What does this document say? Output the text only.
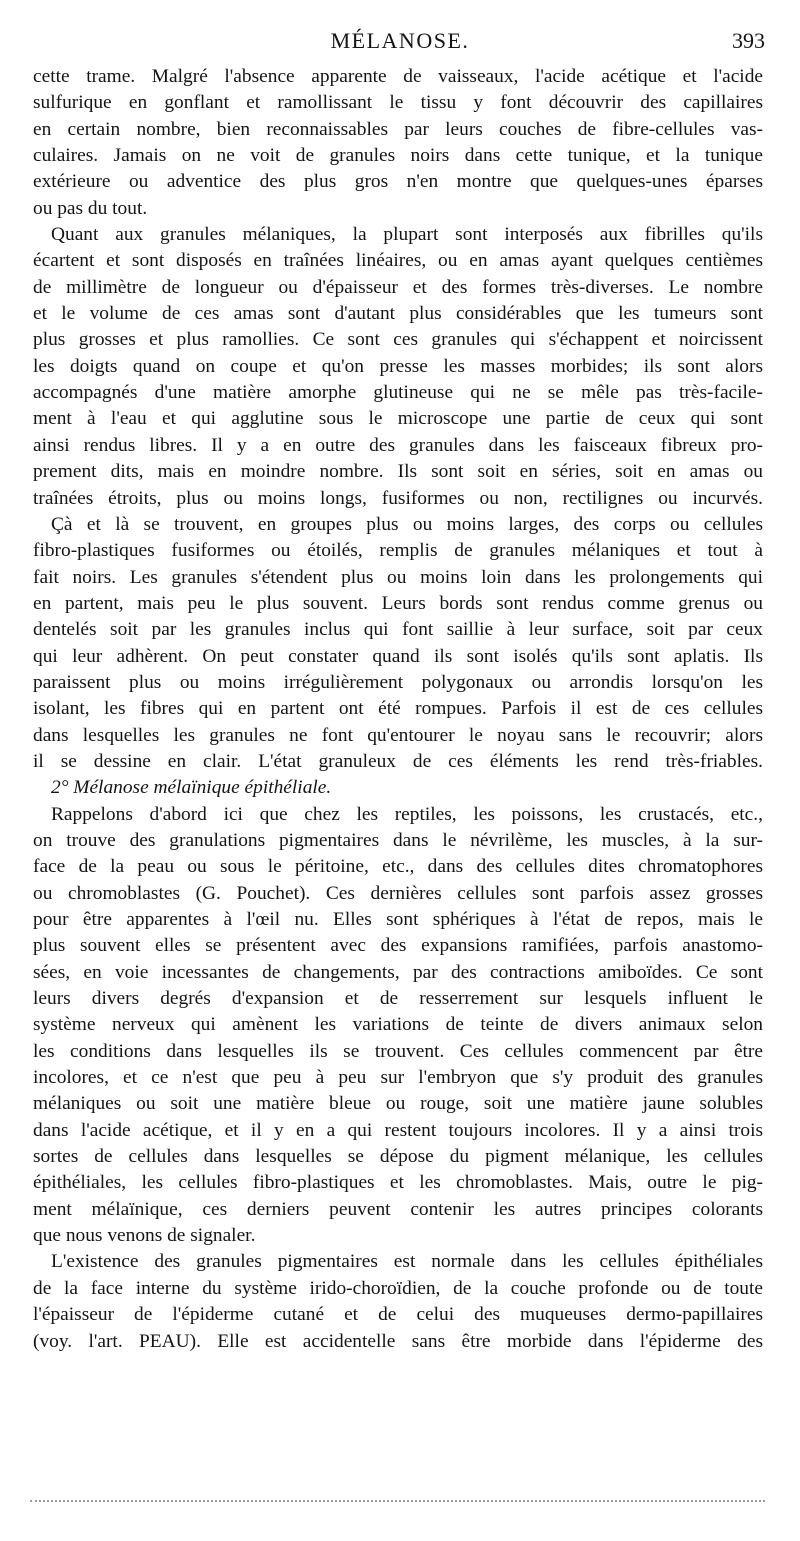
MÉLANOSE.	393
cette trame. Malgré l'absence apparente de vaisseaux, l'acide acétique et l'acide
sulfurique en gonflant et ramollissant le tissu y font découvrir des capillaires
en certain nombre, bien reconnaissables par leurs couches de fibre-cellules vas-
culaires. Jamais on ne voit de granules noirs dans cette tunique, et la tunique
extérieure ou adventice des plus gros n'en montre que quelques-unes éparses
ou pas du tout.
Quant aux granules mélaniques, la plupart sont interposés aux fibrilles qu'ils
écartent et sont disposés en traînées linéaires, ou en amas ayant quelques centièmes
de millimètre de longueur ou d'épaisseur et des formes très-diverses. Le nombre
et le volume de ces amas sont d'autant plus considérables que les tumeurs sont
plus grosses et plus ramollies. Ce sont ces granules qui s'échappent et noircissent
les doigts quand on coupe et qu'on presse les masses morbides; ils sont alors
accompagnés d'une matière amorphe glutineuse qui ne se mêle pas très-facile-
ment à l'eau et qui agglutine sous le microscope une partie de ceux qui sont
ainsi rendus libres. Il y a en outre des granules dans les faisceaux fibreux pro-
prement dits, mais en moindre nombre. Ils sont soit en séries, soit en amas ou
traînées étroits, plus ou moins longs, fusiformes ou non, rectilignes ou incurvés.
Çà et là se trouvent, en groupes plus ou moins larges, des corps ou cellules
fibro-plastiques fusiformes ou étoilés, remplis de granules mélaniques et tout à
fait noirs. Les granules s'étendent plus ou moins loin dans les prolongements qui
en partent, mais peu le plus souvent. Leurs bords sont rendus comme grenus ou
dentelés soit par les granules inclus qui font saillie à leur surface, soit par ceux
qui leur adhèrent. On peut constater quand ils sont isolés qu'ils sont aplatis. Ils
paraissent plus ou moins irrégulièrement polygonaux ou arrondis lorsqu'on les
isolant, les fibres qui en partent ont été rompues. Parfois il est de ces cellules
dans lesquelles les granules ne font qu'entourer le noyau sans le recouvrir; alors
il se dessine en clair. L'état granuleux de ces éléments les rend très-friables.
2° Mélanose mélaïnique épithéliale.
Rappelons d'abord ici que chez les reptiles, les poissons, les crustacés, etc.,
on trouve des granulations pigmentaires dans le névrilème, les muscles, à la sur-
face de la peau ou sous le péritoine, etc., dans des cellules dites chromatophores
ou chromoblastes (G. Pouchet). Ces dernières cellules sont parfois assez grosses
pour être apparentes à l'œil nu. Elles sont sphériques à l'état de repos, mais le
plus souvent elles se présentent avec des expansions ramifiées, parfois anastomo-
sées, en voie incessantes de changements, par des contractions amiboïdes. Ce sont
leurs divers degrés d'expansion et de resserrement sur lesquels influent le
système nerveux qui amènent les variations de teinte de divers animaux selon
les conditions dans lesquelles ils se trouvent. Ces cellules commencent par être
incolores, et ce n'est que peu à peu sur l'embryon que s'y produit des granules
mélaniques ou soit une matière bleue ou rouge, soit une matière jaune solubles
dans l'acide acétique, et il y en a qui restent toujours incolores. Il y a ainsi trois
sortes de cellules dans lesquelles se dépose du pigment mélanique, les cellules
épithéliales, les cellules fibro-plastiques et les chromoblastes. Mais, outre le pig-
ment mélaïnique, ces derniers peuvent contenir les autres principes colorants
que nous venons de signaler.
L'existence des granules pigmentaires est normale dans les cellules épithéliales
de la face interne du système irido-choroïdien, de la couche profonde ou de toute
l'épaisseur de l'épiderme cutané et de celui des muqueuses dermo-papillaires
(voy. l'art. PEAU). Elle est accidentelle sans être morbide dans l'épiderme des
